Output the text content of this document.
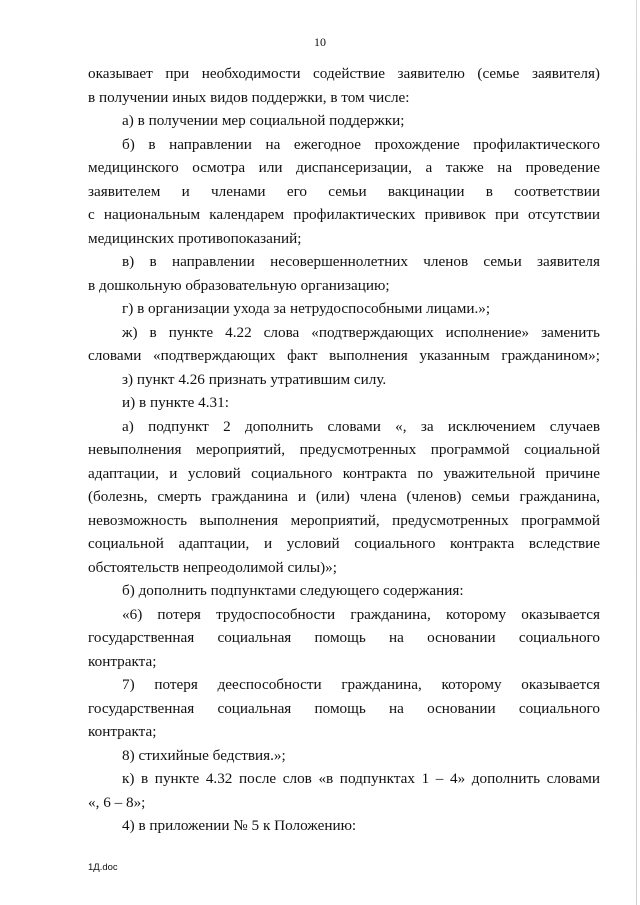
10
оказывает при необходимости содействие заявителю (семье заявителя)
в получении иных видов поддержки, в том числе:
а) в получении мер социальной поддержки;
б) в направлении на ежегодное прохождение профилактического
медицинского осмотра или диспансеризации, а также на проведение
заявителем и членами его семьи вакцинации в соответствии
с национальным календарем профилактических прививок при отсутствии
медицинских противопоказаний;
в) в направлении несовершеннолетних членов семьи заявителя
в дошкольную образовательную организацию;
г) в организации ухода за нетрудоспособными лицами.»;
ж) в пункте 4.22 слова «подтверждающих исполнение» заменить
словами «подтверждающих факт выполнения указанным гражданином»;
з) пункт 4.26 признать утратившим силу.
и) в пункте 4.31:
а) подпункт 2 дополнить словами «, за исключением случаев
невыполнения мероприятий, предусмотренных программой социальной
адаптации, и условий социального контракта по уважительной причине
(болезнь, смерть гражданина и (или) члена (членов) семьи гражданина,
невозможность выполнения мероприятий, предусмотренных программой
социальной адаптации, и условий социального контракта вследствие
обстоятельств непреодолимой силы)»;
б) дополнить подпунктами следующего содержания:
«6) потеря трудоспособности гражданина, которому оказывается
государственная социальная помощь на основании социального
контракта;
7) потеря дееспособности гражданина, которому оказывается
государственная социальная помощь на основании социального
контракта;
8) стихийные бедствия.»;
к) в пункте 4.32 после слов «в подпунктах 1 – 4» дополнить словами
«, 6 – 8»;
4) в приложении № 5 к Положению:
1Д.doc
